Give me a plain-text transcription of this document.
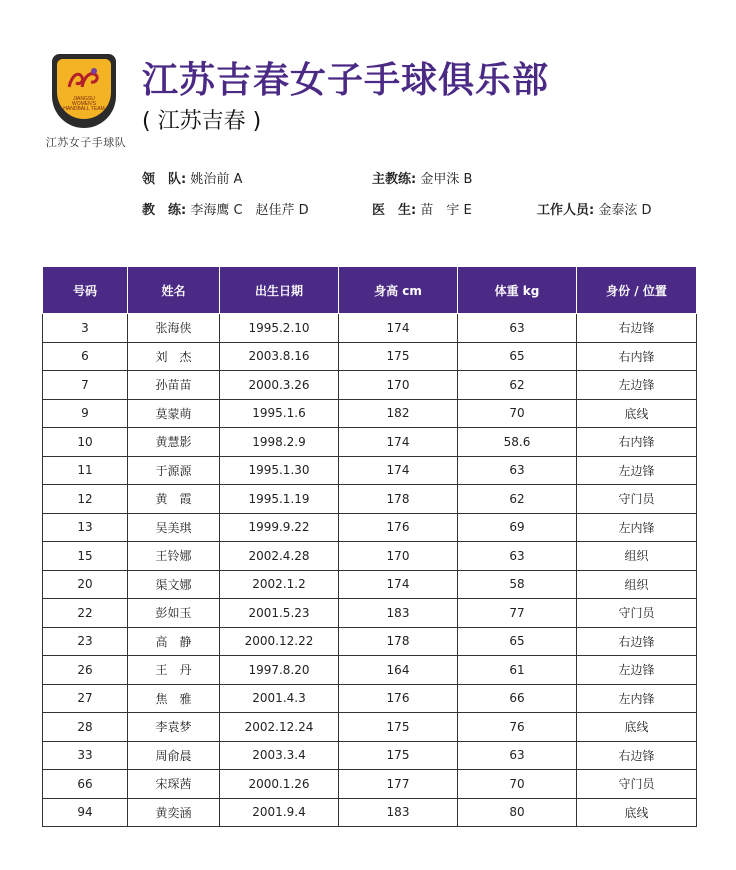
JIANGSU WOMEN'S HANDBALL TEAM
江苏女子手球队
江苏吉春女子手球俱乐部
( 江苏吉春 )
领　队: 姚治前 A	主教练: 金甲洙 B
教　练: 李海鹰 C　赵佳芹 D	医　生: 苗　宇 E	工作人员: 金泰泫 D
号码	姓名	出生日期	身高 cm	体重 kg	身份 / 位置
3	张海侠	1995.2.10	174	63	右边锋
6	刘　杰	2003.8.16	175	65	右内锋
7	孙苗苗	2000.3.26	170	62	左边锋
9	莫蒙萌	1995.1.6	182	70	底线
10	黄慧影	1998.2.9	174	58.6	右内锋
11	于源源	1995.1.30	174	63	左边锋
12	黄　霞	1995.1.19	178	62	守门员
13	吴美琪	1999.9.22	176	69	左内锋
15	王铃娜	2002.4.28	170	63	组织
20	渠文娜	2002.1.2	174	58	组织
22	彭如玉	2001.5.23	183	77	守门员
23	高　静	2000.12.22	178	65	右边锋
26	王　丹	1997.8.20	164	61	左边锋
27	焦　雅	2001.4.3	176	66	左内锋
28	李袁梦	2002.12.24	175	76	底线
33	周俞晨	2003.3.4	175	63	右边锋
66	宋琛茜	2000.1.26	177	70	守门员
94	黄奕涵	2001.9.4	183	80	底线
